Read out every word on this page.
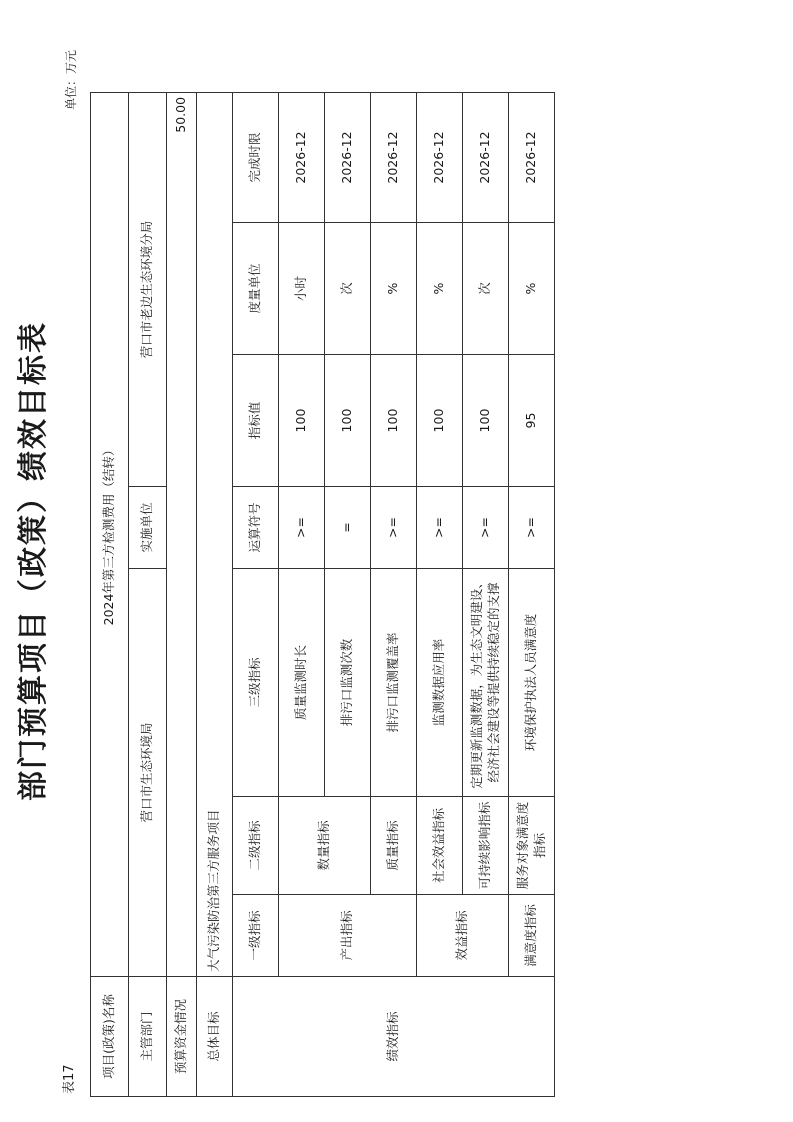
部门预算项目（政策）绩效目标表
表17
单位：万元
项目(政策)名称	2024年第三方检测费用（结转）						
主管部门	营口市生态环境局			实施单位	营口市老边生态环境分局		
预算资金情况	50.00						
总体目标	大气污染防治第三方服务项目						
绩效指标	一级指标	二级指标	三级指标	运算符号	指标值	度量单位	完成时限
	产出指标	数量指标	质量监测时长	>=	100	小时	2026-12
			排污口监测次数	=	100	次	2026-12
		质量指标	排污口监测覆盖率	>=	100	%	2026-12
	效益指标	社会效益指标	监测数据应用率	>=	100	%	2026-12
		可持续影响指标	定期更新监测数据，为生态文明建设、经济社会建设等提供持续稳定的支撑	>=	100	次	2026-12
	满意度指标	服务对象满意度指标	环境保护执法人员满意度	>=	95	%	2026-12
